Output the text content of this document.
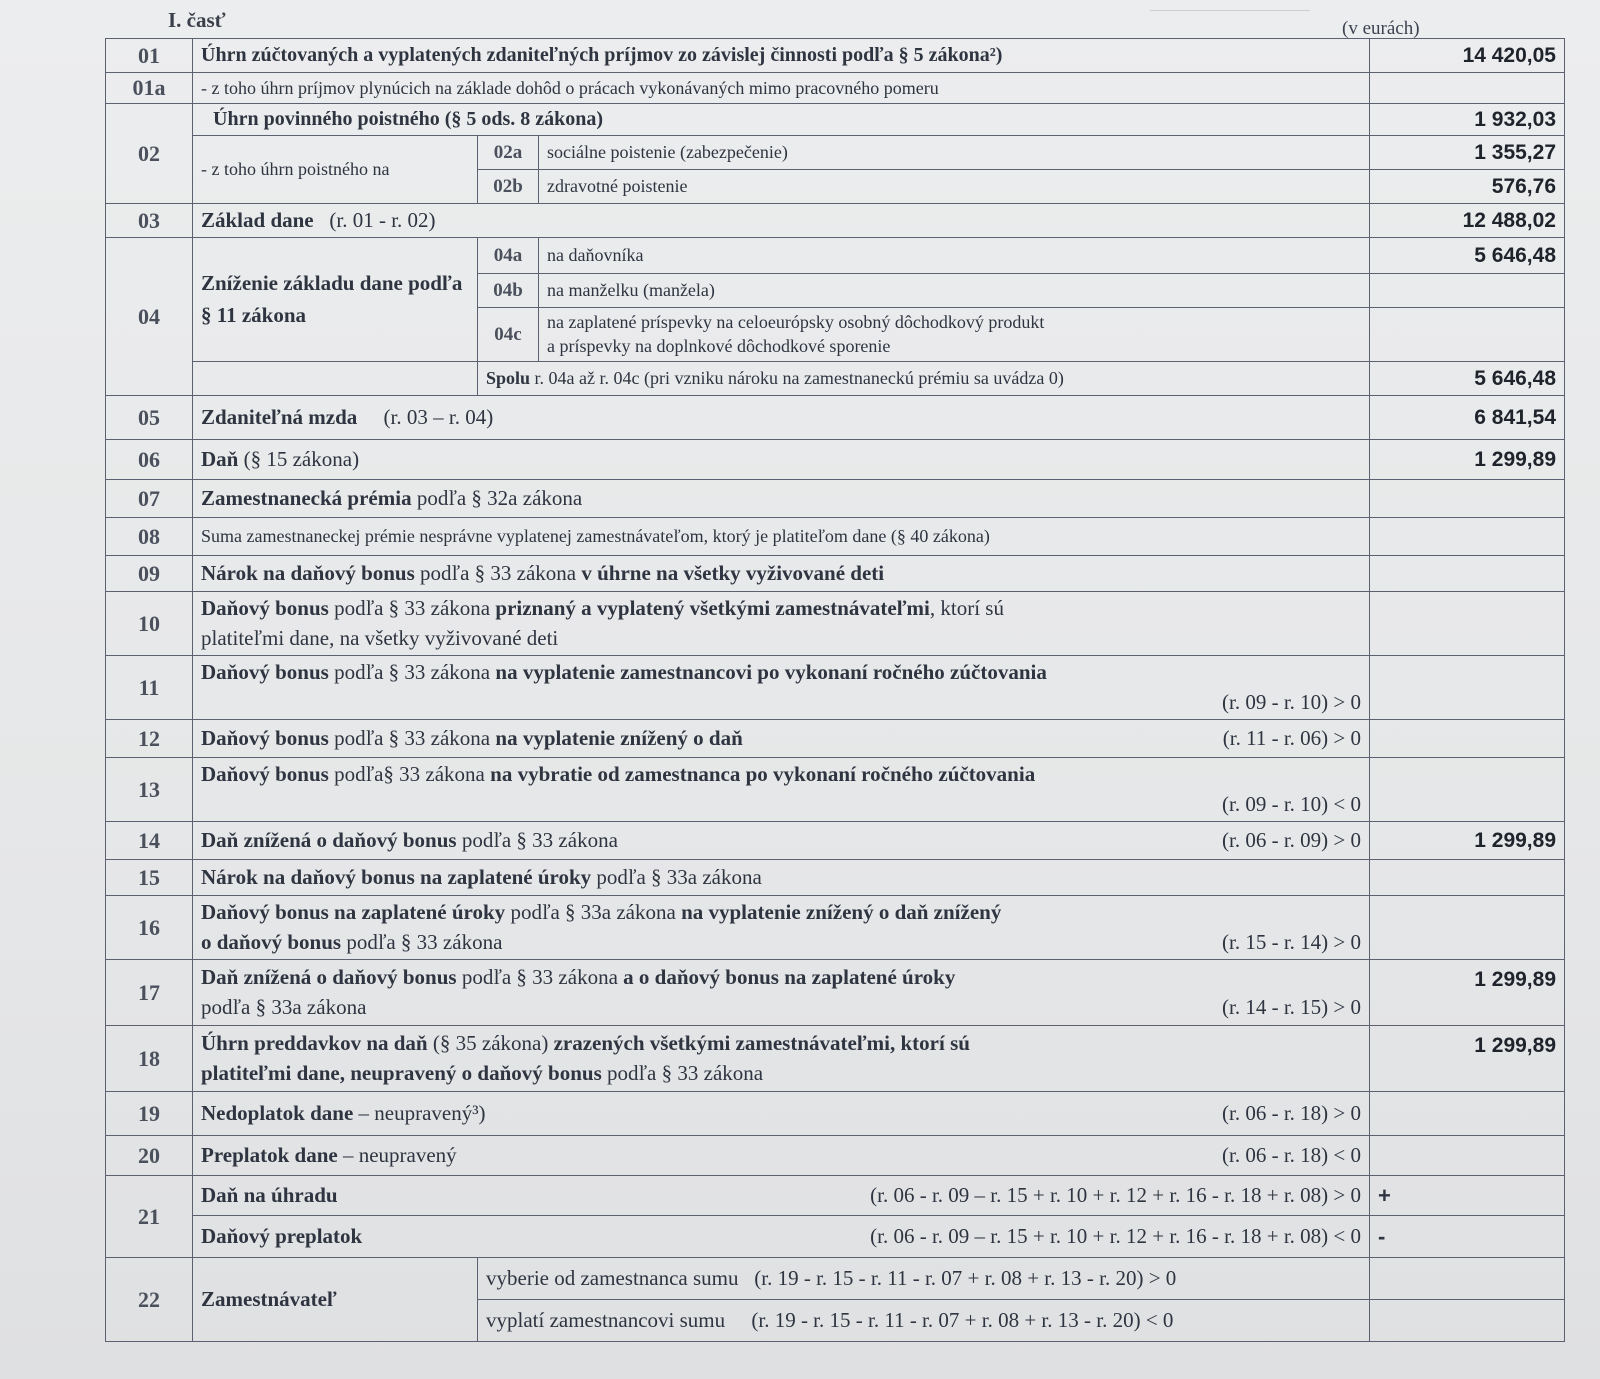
I. časť	(v eurách)
01	Úhrn zúčtovaných a vyplatených zdaniteľných príjmov zo závislej činnosti podľa § 5 zákona²)			14 420,05
01a	- z toho úhrn príjmov plynúcich na základe dohôd o prácach vykonávaných mimo pracovného pomeru			
02	Úhrn povinného poistného (§ 5 ods. 8 zákona)			1 932,03
	- z toho úhrn poistného na	02a	sociálne poistenie (zabezpečenie)	1 355,27
		02b	zdravotné poistenie	576,76
03	Základ dane (r. 01 - r. 02)			12 488,02
04	Zníženie základu dane podľa § 11 zákona	04a	na daňovníka	5 646,48
		04b	na manželku (manžela)	
		04c	na zaplatené príspevky na celoeurópsky osobný dôchodkový produkt
a príspevky na doplnkové dôchodkové sporenie	

		Spolu r. 04a až r. 04c (pri vzniku nároku na zamestnaneckú prémiu sa uvádza 0)		5 646,48
05	Zdaniteľná mzda (r. 03 – r. 04)			6 841,54
06	Daň (§ 15 zákona)			1 299,89
07	Zamestnanecká prémia podľa § 32a zákona			
08	Suma zamestnaneckej prémie nesprávne vyplatenej zamestnávateľom, ktorý je platiteľom dane (§ 40 zákona)			
09	Nárok na daňový bonus podľa § 33 zákona v úhrne na všetky vyživované deti			
10	Daňový bonus podľa § 33 zákona priznaný a vyplatený všetkými zamestnávateľmi, ktorí sú
platiteľmi dane, na všetky vyživované deti			
11	Daňový bonus podľa § 33 zákona na vyplatenie zamestnancovi po vykonaní ročného zúčtovania
(r. 09 - r. 10) > 0			

12	Daňový bonus podľa § 33 zákona na vyplatenie znížený o daň (r. 11 - r. 06) > 0			

13	Daňový bonus podľa§ 33 zákona na vybratie od zamestnanca po vykonaní ročného zúčtovania
(r. 09 - r. 10) < 0			

14	Daň znížená o daňový bonus podľa § 33 zákona (r. 06 - r. 09) > 0			1 299,89
15	Nárok na daňový bonus na zaplatené úroky podľa § 33a zákona			
16	Daňový bonus na zaplatené úroky podľa § 33a zákona na vyplatenie znížený o daň znížený
o daňový bonus podľa § 33 zákona (r. 15 - r. 14) > 0			

17	Daň znížená o daňový bonus podľa § 33 zákona a o daňový bonus na zaplatené úroky
podľa § 33a zákona (r. 14 - r. 15) > 0			1 299,89
18	Úhrn preddavkov na daň (§ 35 zákona) zrazených všetkými zamestnávateľmi, ktorí sú
platiteľmi dane, neupravený o daňový bonus podľa § 33 zákona			1 299,89
19	Nedoplatok dane – neupravený³) (r. 06 - r. 18) > 0			

20	Preplatok dane – neupravený (r. 06 - r. 18) < 0			

21	Daň na úhradu (r. 06 - r. 09 – r. 15 + r. 10 + r. 12 + r. 16 - r. 18 + r. 08) > 0			+
	Daňový preplatok (r. 06 - r. 09 – r. 15 + r. 10 + r. 12 + r. 16 - r. 18 + r. 08) < 0			-
22	Zamestnávateľ	vyberie od zamestnanca sumu   (r. 19 - r. 15 - r. 11 - r. 07 + r. 08 + r. 13 - r. 20) > 0		
		vyplatí zamestnancovi sumu     (r. 19 - r. 15 - r. 11 - r. 07 + r. 08 + r. 13 - r. 20) < 0		
